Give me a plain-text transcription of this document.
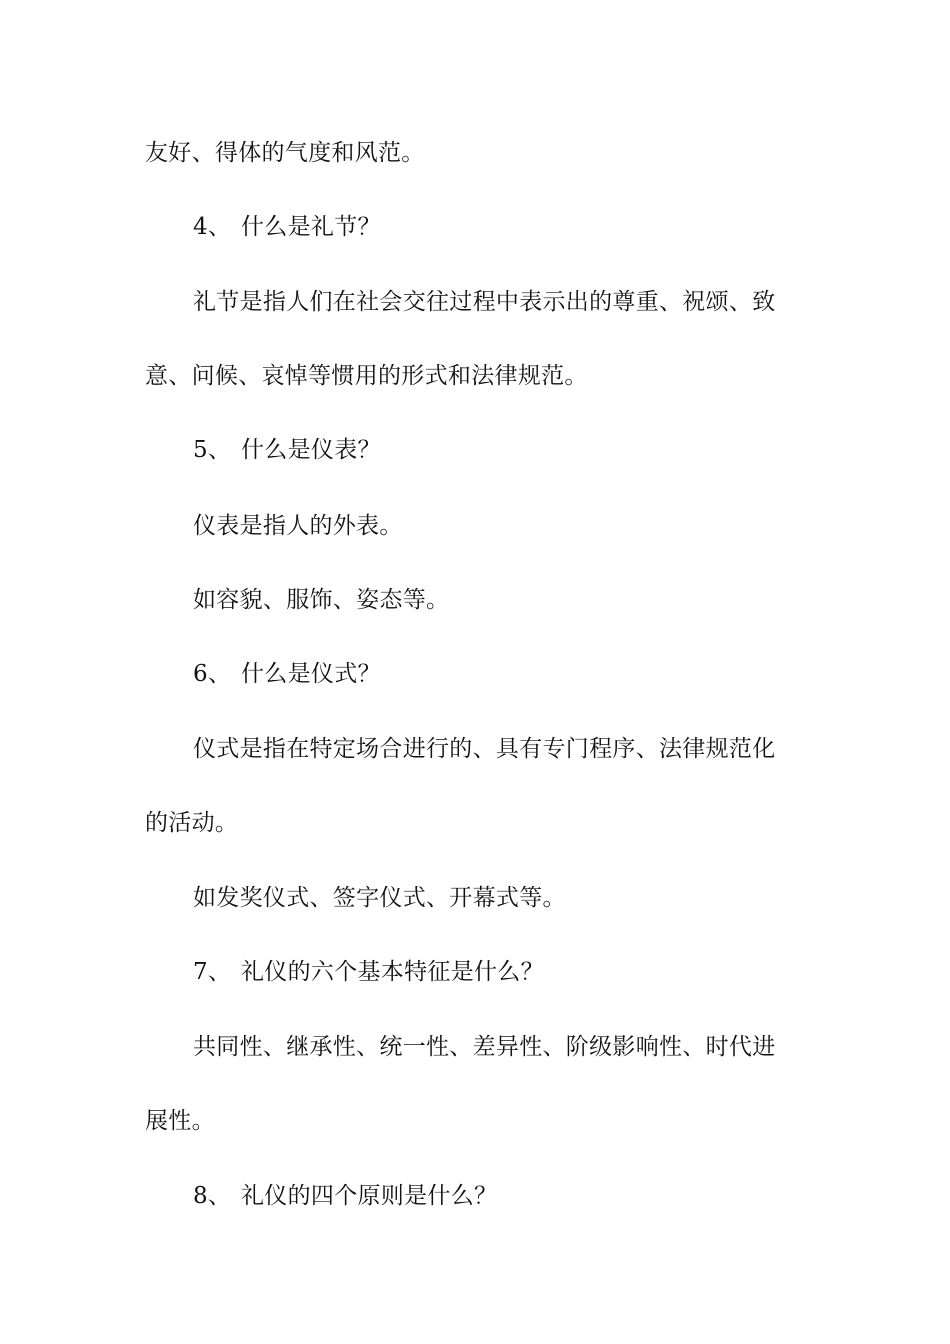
友好、得体的气度和风范。
4、 什么是礼节？
礼节是指人们在社会交往过程中表示出的尊重、祝颂、致
意、问候、哀悼等惯用的形式和法律规范。
5、 什么是仪表？
仪表是指人的外表。
如容貌、服饰、姿态等。
6、 什么是仪式？
仪式是指在特定场合进行的、具有专门程序、法律规范化
的活动。
如发奖仪式、签字仪式、开幕式等。
7、 礼仪的六个基本特征是什么？
共同性、继承性、统一性、差异性、阶级影响性、时代进
展性。
8、 礼仪的四个原则是什么？
